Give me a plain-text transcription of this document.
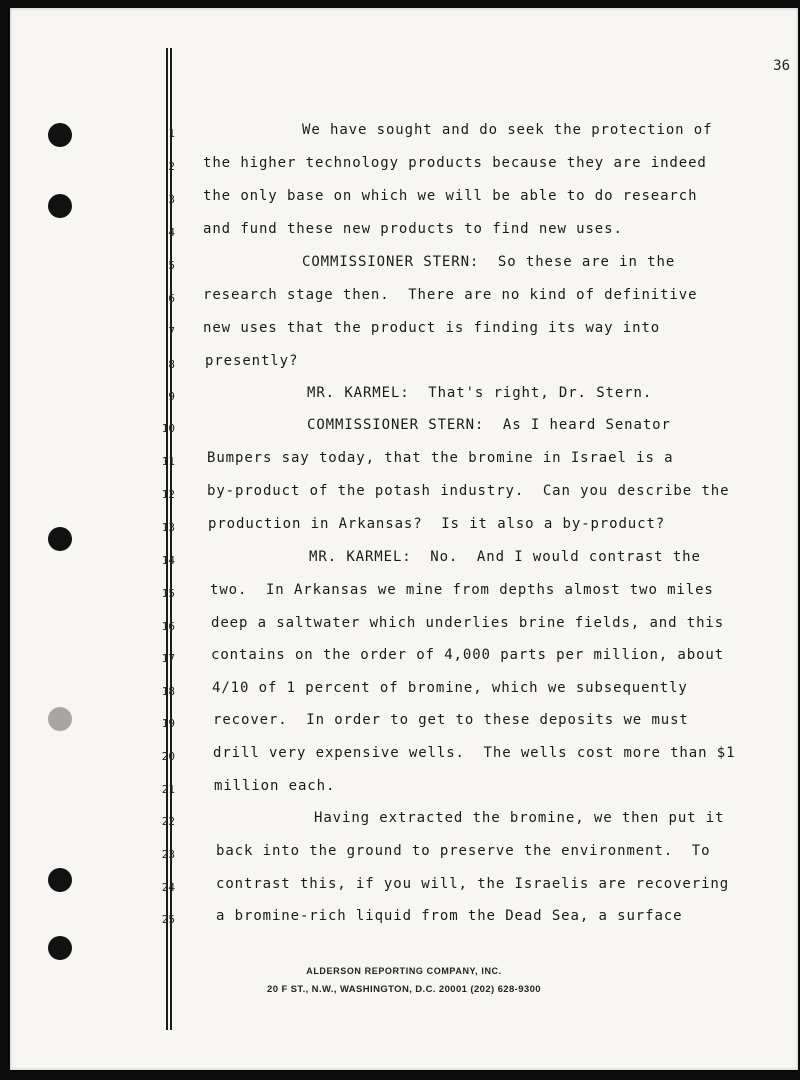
36
1	We have sought and do seek the protection of
2 the higher technology products because they are indeed
3 the only base on which we will be able to do research
4 and fund these new products to find new uses.
5	COMMISSIONER STERN:  So these are in the
6 research stage then.  There are no kind of definitive
7 new uses that the product is finding its way into
8 presently?
9	MR. KARMEL:  That's right, Dr. Stern.
10	COMMISSIONER STERN:  As I heard Senator
11 Bumpers say today, that the bromine in Israel is a
12 by-product of the potash industry.  Can you describe the
13 production in Arkansas?  Is it also a by-product?
14	MR. KARMEL:  No.  And I would contrast the
15	two.  In Arkansas we mine from depths almost two miles
16	deep a saltwater which underlies brine fields, and this
17	contains on the order of 4,000 parts per million, about
18	4/10 of 1 percent of bromine, which we subsequently
19	recover.  In order to get to these deposits we must
20	drill very expensive wells.  The wells cost more than $1
21	million each.
22	Having extracted the bromine, we then put it
23	back into the ground to preserve the environment.  To
24	contrast this, if you will, the Israelis are recovering
25	a bromine-rich liquid from the Dead Sea, a surface
ALDERSON REPORTING COMPANY, INC.
20 F ST., N.W., WASHINGTON, D.C. 20001 (202) 628-9300
